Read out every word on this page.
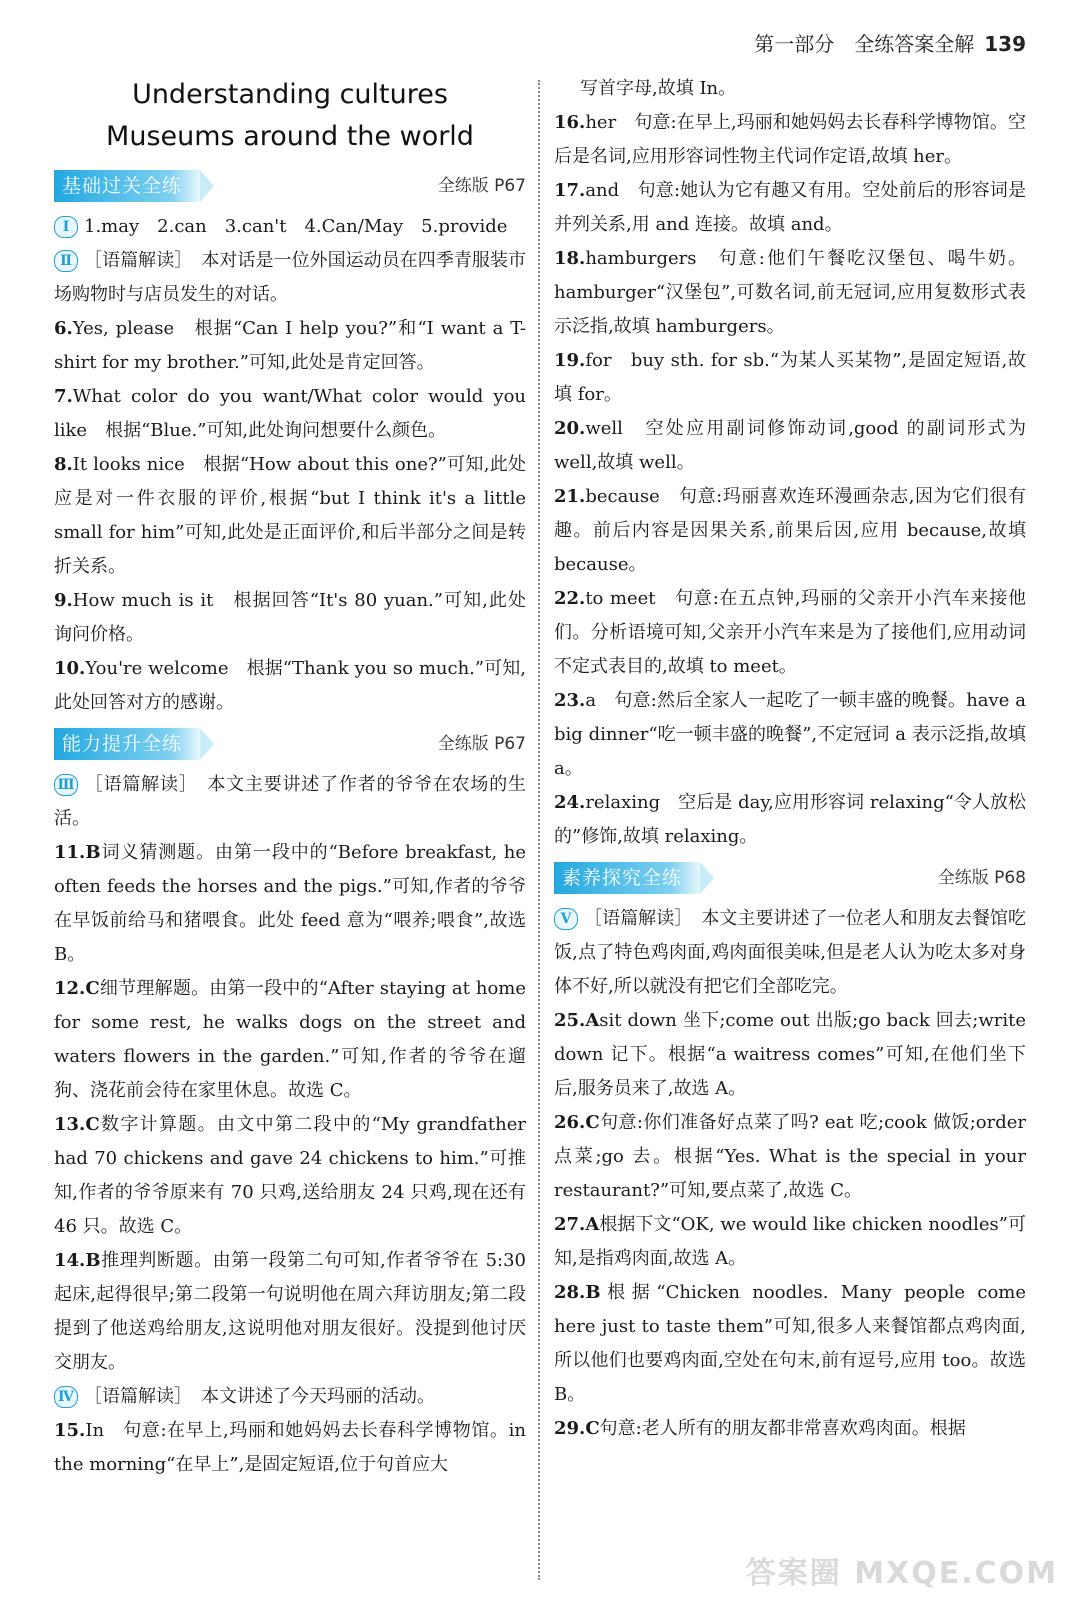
第一部分　全练答案全解 139
Understanding cultures
Museums around the world
基础过关全练	全练版 P67

Ⅰ 1.may　2.can　3.can't　4.Can/May　5.provide

Ⅱ ［语篇解读］　本对话是一位外国运动员在四季青服装市场购物时与店员发生的对话。

6.Yes, please　根据“Can I help you?”和“I want a T-shirt for my brother.”可知,此处是肯定回答。

7.What color do you want/What color would you like　根据“Blue.”可知,此处询问想要什么颜色。

8.It looks nice　根据“How about this one?”可知,此处应是对一件衣服的评价,根据“but I think it's a little small for him”可知,此处是正面评价,和后半部分之间是转折关系。

9.How much is it　根据回答“It's 80 yuan.”可知,此处询问价格。

10.You're welcome　根据“Thank you so much.”可知,此处回答对方的感谢。

能力提升全练	全练版 P67

Ⅲ ［语篇解读］　本文主要讲述了作者的爷爷在农场的生活。

11.B词义猜测题。由第一段中的“Before breakfast, he often feeds the horses and the pigs.”可知,作者的爷爷在早饭前给马和猪喂食。此处 feed 意为“喂养;喂食”,故选 B。

12.C细节理解题。由第一段中的“After staying at home for some rest, he walks dogs on the street and waters flowers in the garden.”可知,作者的爷爷在遛狗、浇花前会待在家里休息。故选 C。

13.C数字计算题。由文中第二段中的“My grandfather had 70 chickens and gave 24 chickens to him.”可推知,作者的爷爷原来有 70 只鸡,送给朋友 24 只鸡,现在还有 46 只。故选 C。

14.B推理判断题。由第一段第二句可知,作者爷爷在 5:30 起床,起得很早;第二段第一句说明他在周六拜访朋友;第二段提到了他送鸡给朋友,这说明他对朋友很好。没提到他讨厌交朋友。

Ⅳ ［语篇解读］　本文讲述了今天玛丽的活动。

15.In　句意:在早上,玛丽和她妈妈去长春科学博物馆。in the morning“在早上”,是固定短语,位于句首应大

写首字母,故填 In。

16.her　句意:在早上,玛丽和她妈妈去长春科学博物馆。空后是名词,应用形容词性物主代词作定语,故填 her。

17.and　句意:她认为它有趣又有用。空处前后的形容词是并列关系,用 and 连接。故填 and。

18.hamburgers　句意:他们午餐吃汉堡包、喝牛奶。hamburger“汉堡包”,可数名词,前无冠词,应用复数形式表示泛指,故填 hamburgers。

19.for　buy sth. for sb.“为某人买某物”,是固定短语,故填 for。

20.well　空处应用副词修饰动词,good 的副词形式为 well,故填 well。

21.because　句意:玛丽喜欢连环漫画杂志,因为它们很有趣。前后内容是因果关系,前果后因,应用 because,故填 because。

22.to meet　句意:在五点钟,玛丽的父亲开小汽车来接他们。分析语境可知,父亲开小汽车来是为了接他们,应用动词不定式表目的,故填 to meet。

23.a　句意:然后全家人一起吃了一顿丰盛的晚餐。have a big dinner“吃一顿丰盛的晚餐”,不定冠词 a 表示泛指,故填 a。

24.relaxing　空后是 day,应用形容词 relaxing“令人放松的”修饰,故填 relaxing。

素养探究全练	全练版 P68

Ⅴ ［语篇解读］　本文主要讲述了一位老人和朋友去餐馆吃饭,点了特色鸡肉面,鸡肉面很美味,但是老人认为吃太多对身体不好,所以就没有把它们全部吃完。

25.Asit down 坐下;come out 出版;go back 回去;write down 记下。根据“a waitress comes”可知,在他们坐下后,服务员来了,故选 A。

26.C句意:你们准备好点菜了吗? eat 吃;cook 做饭;order 点菜;go 去。根据“Yes. What is the special in your restaurant?”可知,要点菜了,故选 C。

27.A根据下文“OK, we would like chicken noodles”可知,是指鸡肉面,故选 A。

28.B根据“Chicken noodles. Many people come here just to taste them”可知,很多人来餐馆都点鸡肉面,所以他们也要鸡肉面,空处在句末,前有逗号,应用 too。故选 B。

29.C句意:老人所有的朋友都非常喜欢鸡肉面。根据

答案圈 MXQE.COM
